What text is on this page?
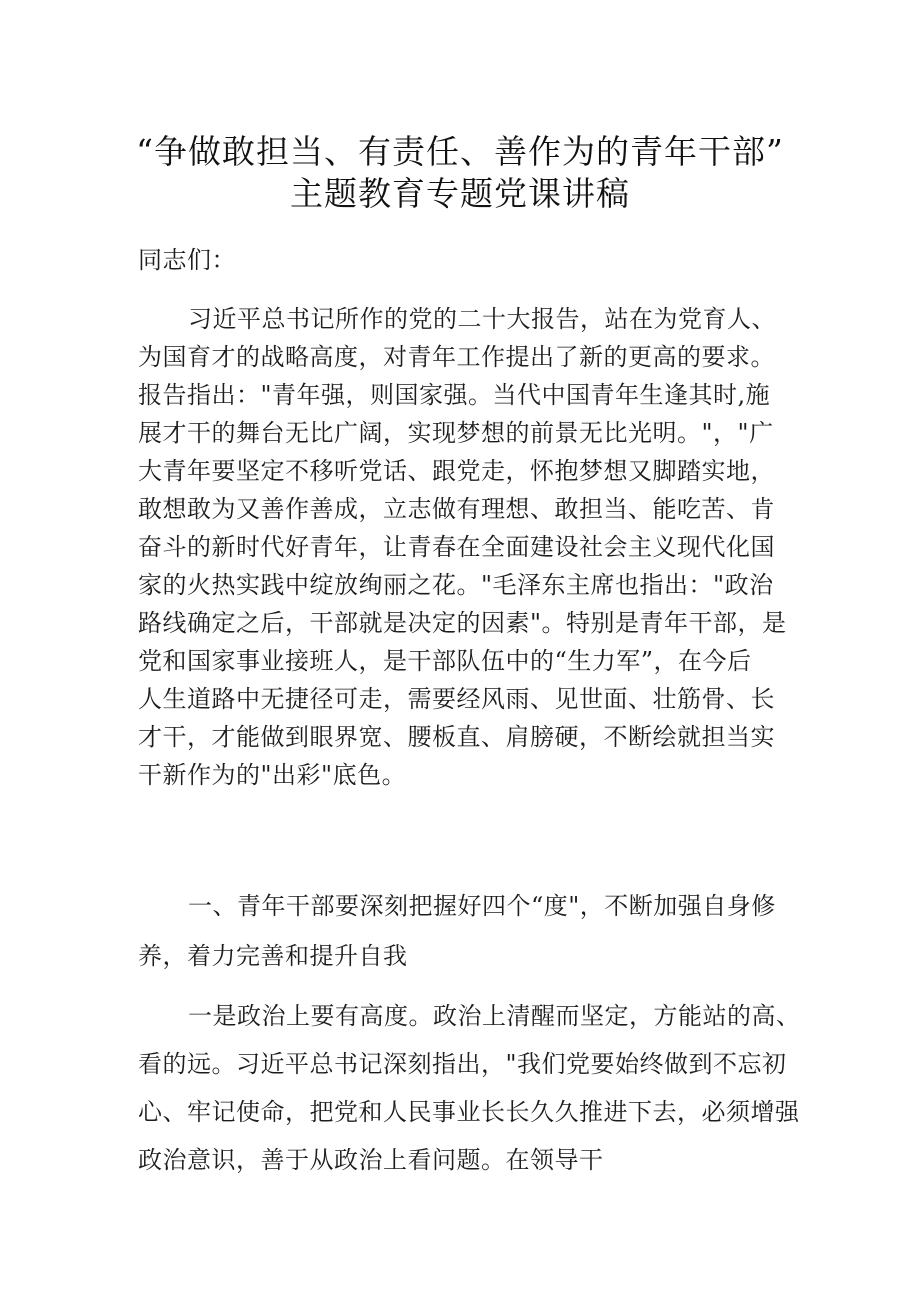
“争做敢担当、有责任、善作为的青年干部”
主题教育专题党课讲稿
同志们：
习近平总书记所作的党的二十大报告，站在为党育人、
为国育才的战略高度，对青年工作提出了新的更高的要求。
报告指出："青年强，则国家强。当代中国青年生逢其时,施
展才干的舞台无比广阔，实现梦想的前景无比光明。"，"广
大青年要坚定不移听党话、跟党走，怀抱梦想又脚踏实地，
敢想敢为又善作善成，立志做有理想、敢担当、能吃苦、肯
奋斗的新时代好青年，让青春在全面建设社会主义现代化国
家的火热实践中绽放绚丽之花。"毛泽东主席也指出："政治
路线确定之后，干部就是决定的因素"。特别是青年干部，是
党和国家事业接班人，是干部队伍中的“生力军”，在今后
人生道路中无捷径可走，需要经风雨、见世面、壮筋骨、长
才干，才能做到眼界宽、腰板直、肩膀硬，不断绘就担当实
干新作为的"出彩"底色。
一、青年干部要深刻把握好四个“度"，不断加强自身修
养，着力完善和提升自我
一是政治上要有高度。政治上清醒而坚定，方能站的高、
看的远。习近平总书记深刻指出，"我们党要始终做到不忘初
心、牢记使命，把党和人民事业长长久久推进下去，必须增强
政治意识，善于从政治上看问题。在领导干
